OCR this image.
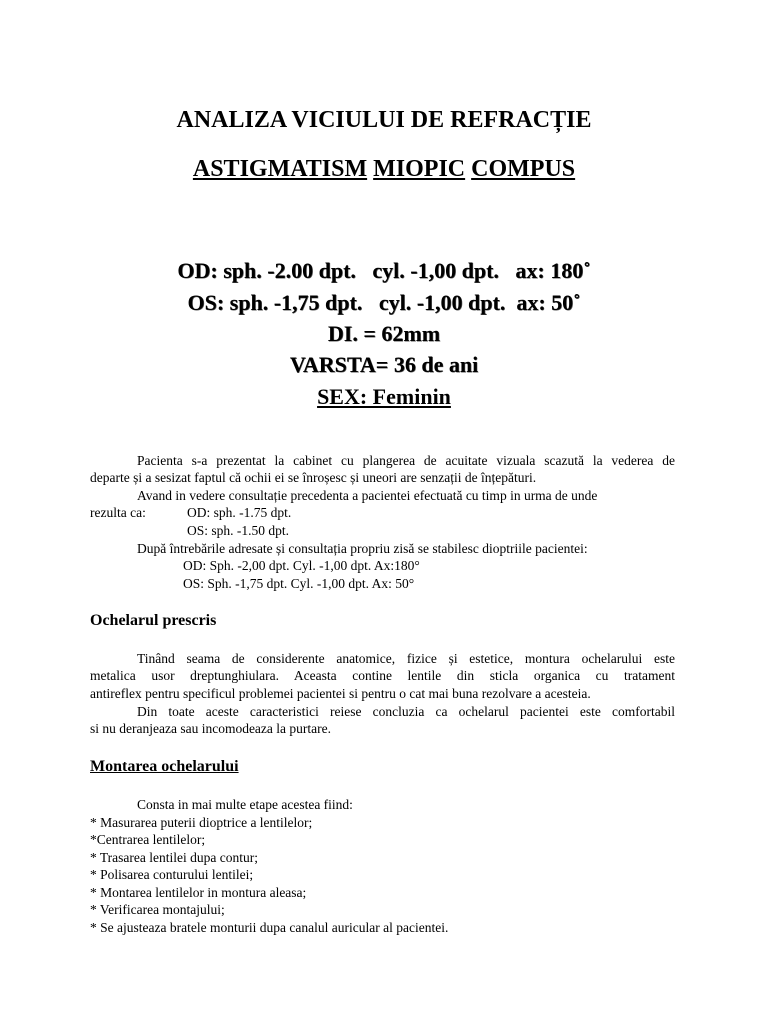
ANALIZA VICIULUI DE REFRACȚIE
ASTIGMATISM MIOPIC COMPUS
OD: sph. -2.00 dpt.   cyl. -1,00 dpt.   ax: 180˚
OS: sph. -1,75 dpt.   cyl. -1,00 dpt.  ax: 50˚
DI. = 62mm
VARSTA= 36 de ani
SEX: Feminin
Pacienta s-a prezentat la cabinet cu plangerea de acuitate vizuala scazută la vederea de
departe și a sesizat faptul că ochii ei se înroșesc și uneori are senzații de înțepături.
Avand in vedere consultație precedenta a pacientei efectuată cu timp in urma de unde
rezulta ca:	OD: sph. -1.75 dpt.
OS: sph. -1.50 dpt.
După întrebările adresate și consultația propriu zisă se stabilesc dioptriile pacientei:
OD: Sph. -2,00 dpt. Cyl. -1,00 dpt. Ax:180°
OS: Sph. -1,75 dpt. Cyl. -1,00 dpt. Ax: 50°
Ochelarul prescris
Tinând seama de considerente anatomice, fizice și estetice, montura ochelarului este
metalica usor dreptunghiulara. Aceasta contine lentile din sticla organica cu tratament
antireflex pentru specificul problemei pacientei si pentru o cat mai buna rezolvare a acesteia.
Din toate aceste caracteristici reiese concluzia ca ochelarul pacientei este comfortabil
si nu deranjeaza sau incomodeaza la purtare.
Montarea ochelarului
Consta in mai multe etape acestea fiind:
* Masurarea puterii dioptrice a lentilelor;
*Centrarea lentilelor;
* Trasarea lentilei dupa contur;
* Polisarea conturului lentilei;
* Montarea lentilelor in montura aleasa;
* Verificarea montajului;
* Se ajusteaza bratele monturii dupa canalul auricular al pacientei.
